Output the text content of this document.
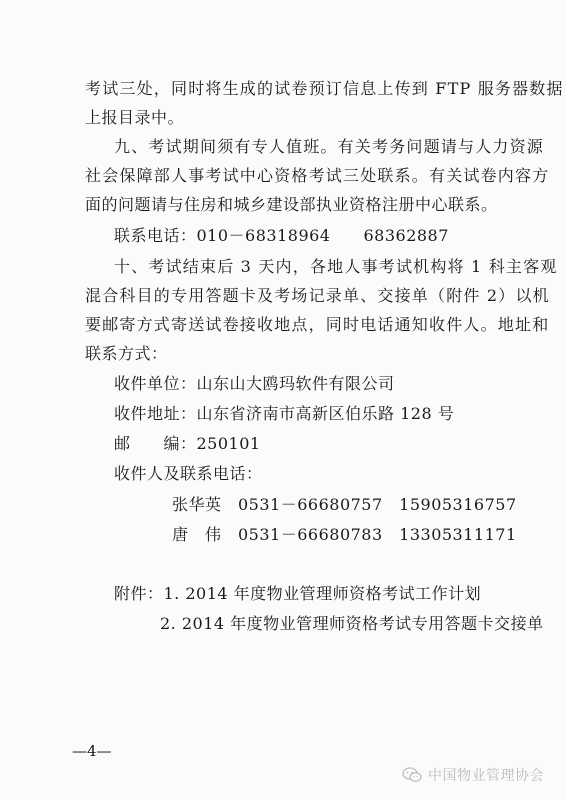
考试三处，同时将生成的试卷预订信息上传到 FTP 服务器数据
上报目录中。
九、考试期间须有专人值班。有关考务问题请与人力资源
社会保障部人事考试中心资格考试三处联系。有关试卷内容方
面的问题请与住房和城乡建设部执业资格注册中心联系。
联系电话：010－68318964　　68362887
十、考试结束后 3 天内，各地人事考试机构将 1 科主客观
混合科目的专用答题卡及考场记录单、交接单（附件 2）以机
要邮寄方式寄送试卷接收地点，同时电话通知收件人。地址和
联系方式：
收件单位：山东山大鸥玛软件有限公司
收件地址：山东省济南市高新区伯乐路 128 号
邮　　编：250101
收件人及联系电话：
张华英　0531－66680757　15905316757
唐　伟　0531－66680783　13305311171
附件：1. 2014 年度物业管理师资格考试工作计划
2. 2014 年度物业管理师资格考试专用答题卡交接单
—4—
中国物业管理协会
